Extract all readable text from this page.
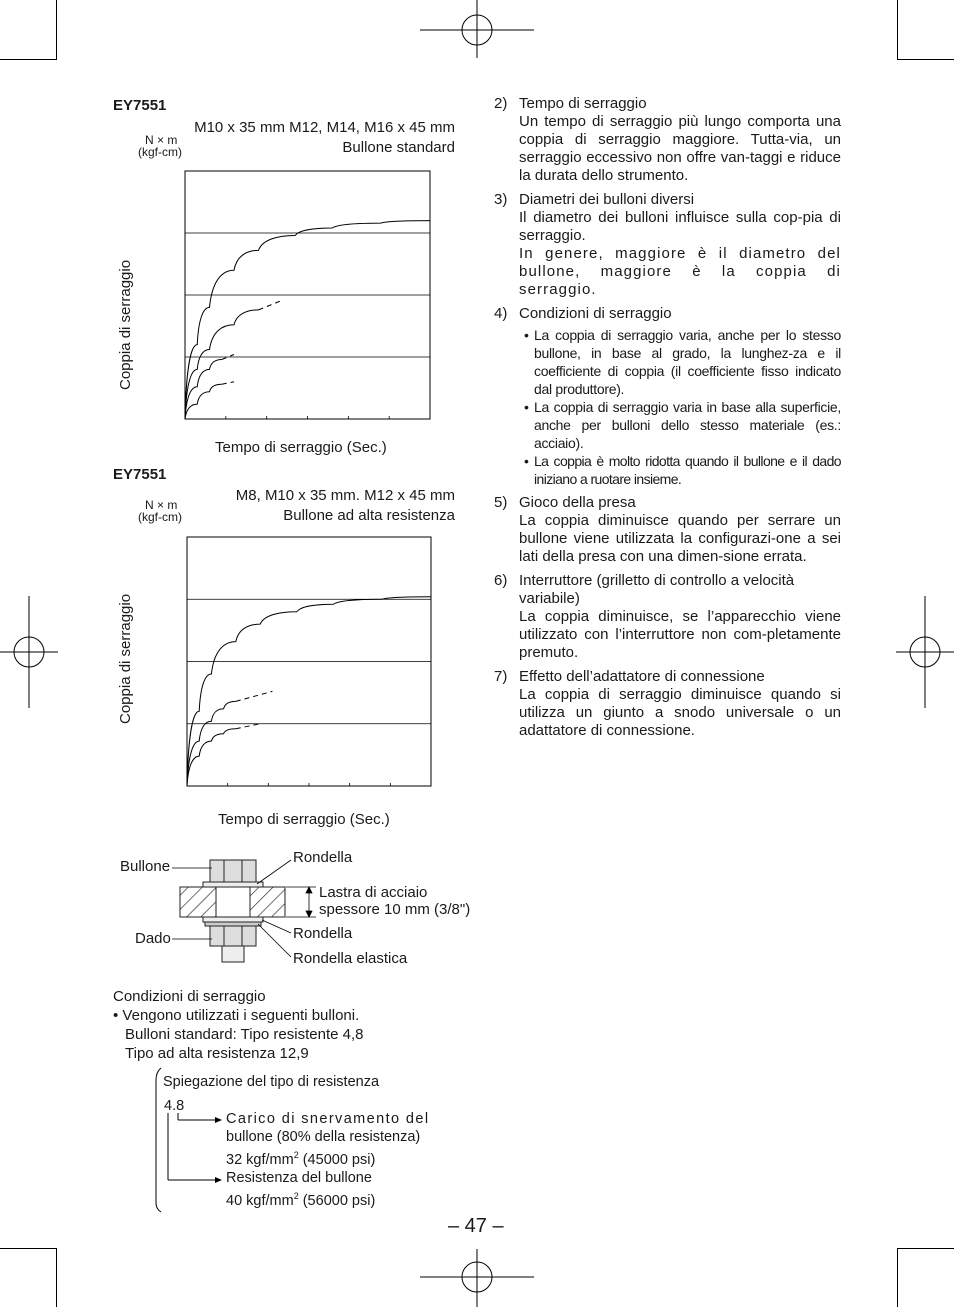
EY7551
M10 x 35 mm M12, M14, M16 x 45 mm
Bullone standard
N × m
(kgf-cm)
Coppia di serraggio
Tempo di serraggio (Sec.)
EY7551
M8, M10 x 35 mm. M12 x 45 mm
Bullone ad alta resistenza
N × m
(kgf-cm)
Coppia di serraggio
Tempo di serraggio (Sec.)
Bullone
Rondella
Lastra di acciaio
spessore 10 mm (3/8")
Dado	Rondella
Rondella elastica
Condizioni di serraggio
• Vengono utilizzati i seguenti bulloni.
Bulloni standard: Tipo resistente 4,8
Tipo ad alta resistenza 12,9
Spiegazione del tipo di resistenza
4.8
Carico di snervamento del
bullone (80% della resistenza)
32 kgf/$mm^2$ (45000 psi)
Resistenza del bullone
40 kgf/$mm^2$ (56000 psi)
2) Tempo di serraggio
Un tempo di serraggio più lungo comporta una coppia di serraggio maggiore. Tutta-via, un serraggio eccessivo non offre van-taggi e riduce la durata dello strumento.
3) Diametri dei bulloni diversi
Il diametro dei bulloni influisce sulla cop-pia di serraggio.
In genere, maggiore è il diametro del bullone, maggiore è la coppia di serraggio.
4) Condizioni di serraggio
• La coppia di serraggio varia, anche per lo stesso bullone, in base al grado, la lunghez-za e il coefficiente di coppia (il coefficiente fisso indicato dal produttore).
• La coppia di serraggio varia in base alla superficie, anche per bulloni dello stesso materiale (es.: acciaio).
• La coppia è molto ridotta quando il bullone e il dado iniziano a ruotare insieme.
5) Gioco della presa
La coppia diminuisce quando per serrare un bullone viene utilizzata la configurazi-one a sei lati della presa con una dimen-sione errata.
6) Interruttore (grilletto di controllo a velocità variabile)
La coppia diminuisce, se l’apparecchio viene utilizzato con l’interruttore non com-pletamente premuto.
7) Effetto dell’adattatore di connessione
La coppia di serraggio diminuisce quando si utilizza un giunto a snodo universale o un adattatore di connessione.
– 47 –
